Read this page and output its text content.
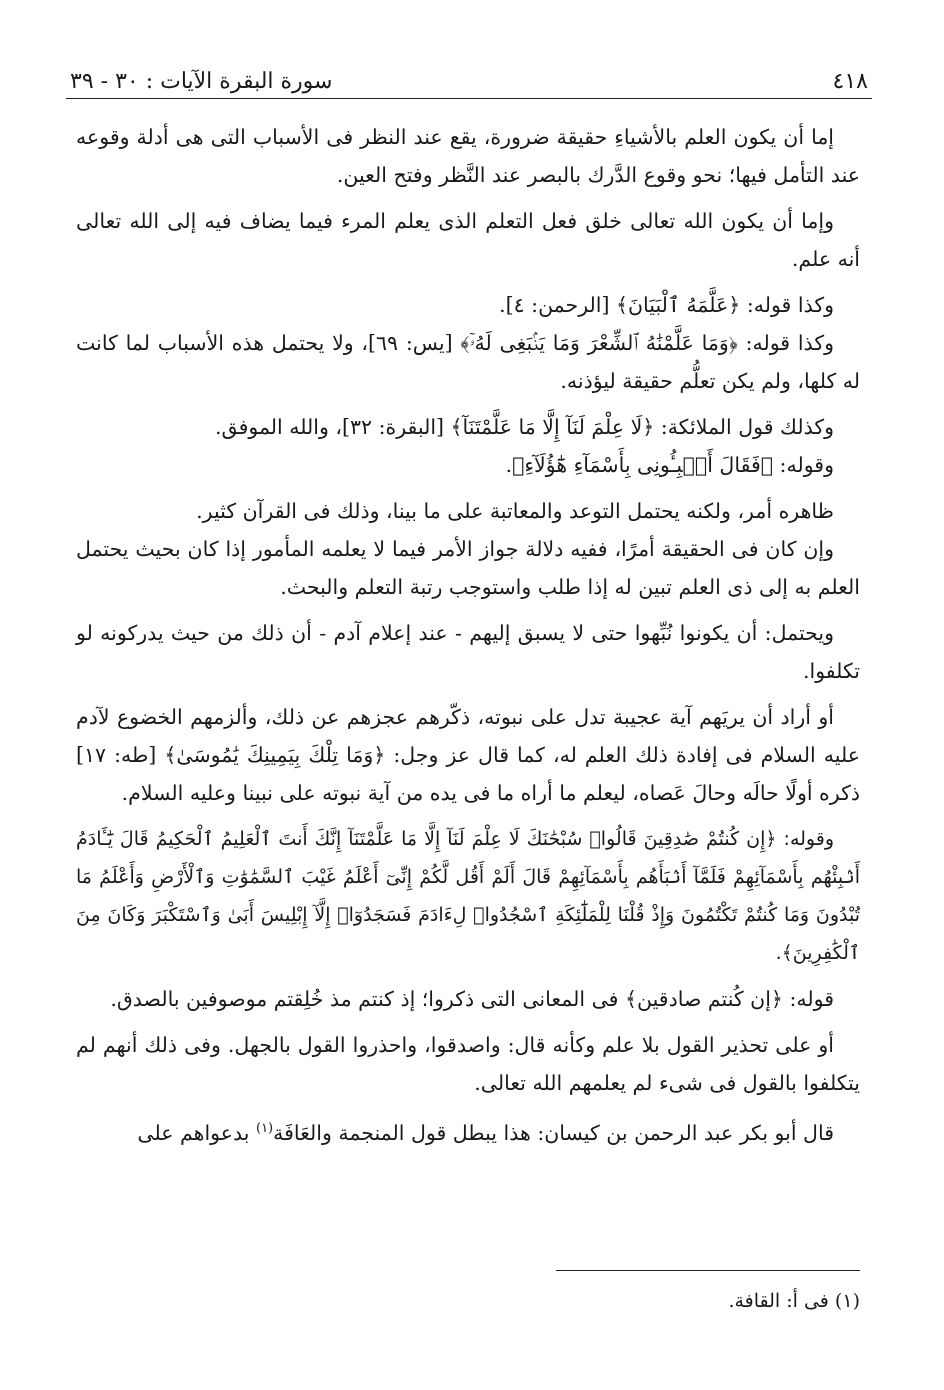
٤١٨
سورة البقرة الآيات : ٣٠ - ٣٩

إما أن يكون العلم بالأشياءِ حقيقة ضرورة، يقع عند النظر فى الأسباب التى هى أدلة وقوعه عند التأمل فيها؛ نحو وقوع الدَّرك بالبصر عند النَّظر وفتح العين.

وإما أن يكون الله تعالى خلق فعل التعلم الذى يعلم المرء فيما يضاف فيه إلى الله تعالى أنه علم.

وكذا قوله: ﴿عَلَّمَهُ ٱلْبَيَانَ﴾ [الرحمن: ٤].

وكذا قوله: ﴿وَمَا عَلَّمْنَٰهُ ٱلشِّعْرَ وَمَا يَنۢبَغِى لَهُۥٓ﴾ [يس: ٦٩]، ولا يحتمل هذه الأسباب لما كانت له كلها، ولم يكن تعلُّم حقيقة ليؤذنه.

وكذلك قول الملائكة: ﴿لَا عِلْمَ لَنَآ إِلَّا مَا عَلَّمْتَنَآ﴾ [البقرة: ٣٢]، والله الموفق.

وقوله: ﴿فَقَالَ أَنۢبِـُٔونِى بِأَسْمَآءِ هَٰٓؤُلَآءِ﴾.

ظاهره أمر، ولكنه يحتمل التوعد والمعاتبة على ما بينا، وذلك فى القرآن كثير.

وإن كان فى الحقيقة أمرًا، ففيه دلالة جواز الأمر فيما لا يعلمه المأمور إذا كان بحيث يحتمل العلم به إلى ذى العلم تبين له إذا طلب واستوجب رتبة التعلم والبحث.

ويحتمل: أن يكونوا نُبِّهوا حتى لا يسبق إليهم - عند إعلام آدم - أن ذلك من حيث يدركونه لو تكلفوا.

أو أراد أن يريَهم آية عجيبة تدل على نبوته، ذكّرهم عجزهم عن ذلك، وألزمهم الخضوع لآدم عليه السلام فى إفادة ذلك العلم له، كما قال عز وجل: ﴿وَمَا تِلْكَ بِيَمِينِكَ يَٰمُوسَىٰ﴾ [طه: ١٧] ذكره أولًا حالَه وحالَ عَصاه، ليعلم ما أراه ما فى يده من آية نبوته على نبينا وعليه السلام.

وقوله: ﴿إِن كُنتُمْ صَٰدِقِينَ قَالُوا۟ سُبْحَٰنَكَ لَا عِلْمَ لَنَآ إِلَّا مَا عَلَّمْتَنَآ إِنَّكَ أَنتَ ٱلْعَلِيمُ ٱلْحَكِيمُ قَالَ يَٰٓـَٔادَمُ أَنۢبِئْهُم بِأَسْمَآئِهِمْ فَلَمَّآ أَنۢبَأَهُم بِأَسْمَآئِهِمْ قَالَ أَلَمْ أَقُل لَّكُمْ إِنِّىٓ أَعْلَمُ غَيْبَ ٱلسَّمَٰوَٰتِ وَٱلْأَرْضِ وَأَعْلَمُ مَا تُبْدُونَ وَمَا كُنتُمْ تَكْتُمُونَ وَإِذْ قُلْنَا لِلْمَلَٰٓئِكَةِ ٱسْجُدُوا۟ لِءَادَمَ فَسَجَدُوٓا۟ إِلَّآ إِبْلِيسَ أَبَىٰ وَٱسْتَكْبَرَ وَكَانَ مِنَ ٱلْكَٰفِرِينَ﴾.

قوله: ﴿إن كُنتم صادقين﴾ فى المعانى التى ذكروا؛ إذ كنتم مذ خُلِقتم موصوفين بالصدق.

أو على تحذير القول بلا علم وكأنه قال: واصدقوا، واحذروا القول بالجهل. وفى ذلك أنهم لم يتكلفوا بالقول فى شىء لم يعلمهم الله تعالى.

قال أبو بكر عبد الرحمن بن كيسان: هذا يبطل قول المنجمة والعَافَة$^{(١)}$ بدعواهم على

(١) فى أ: القافة.
